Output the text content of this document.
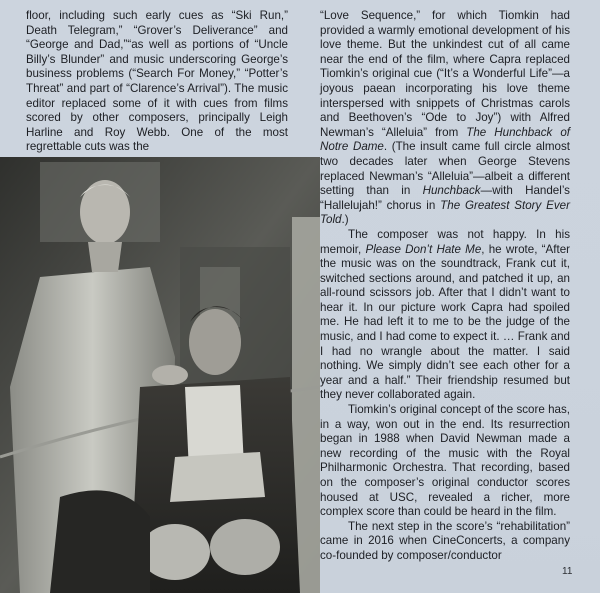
floor, including such early cues as “Ski Run,” Death Telegram,” “Grover’s Deliverance” and “George and Dad,”“as well as portions of “Uncle Billy’s Blunder” and music underscoring George’s business problems (“Search For Money,” “Potter’s Threat” and part of “Clarence’s Arrival”). The music editor replaced some of it with cues from films scored by other composers, principally Leigh Harline and Roy Webb. One of the most regrettable cuts was the

“Love Sequence,” for which Tiomkin had provided a warmly emotional development of his love theme. But the unkindest cut of all came near the end of the film, where Capra replaced Tiomkin’s original cue (“It’s a Wonderful Life”—a joyous paean incorporating his love theme interspersed with snippets of Christmas carols and Beethoven’s “Ode to Joy”) with Alfred Newman’s “Alleluia” from The Hunchback of Notre Dame. (The insult came full circle almost two decades later when George Stevens replaced Newman’s “Alleluia”—albeit a different setting than in Hunchback—with Handel’s “Hallelujah!” chorus in The Greatest Story Ever Told.)

The composer was not happy. In his memoir, Please Don’t Hate Me, he wrote, “After the music was on the soundtrack, Frank cut it, switched sections around, and patched it up, an all-round scissors job. After that I didn’t want to hear it. In our picture work Capra had spoiled me. He had left it to me to be the judge of the music, and I had come to expect it. … Frank and I had no wrangle about the matter. I said nothing. We simply didn’t see each other for a year and a half.” Their friendship resumed but they never collaborated again.

Tiomkin’s original concept of the score has, in a way, won out in the end. Its resurrection began in 1988 when David Newman made a new recording of the music with the Royal Philharmonic Orchestra. That recording, based on the composer’s original conductor scores housed at USC, revealed a richer, more complex score than could be heard in the film.

The next step in the score’s “rehabilitation” came in 2016 when CineConcerts, a company co-founded by composer/conductor

11
